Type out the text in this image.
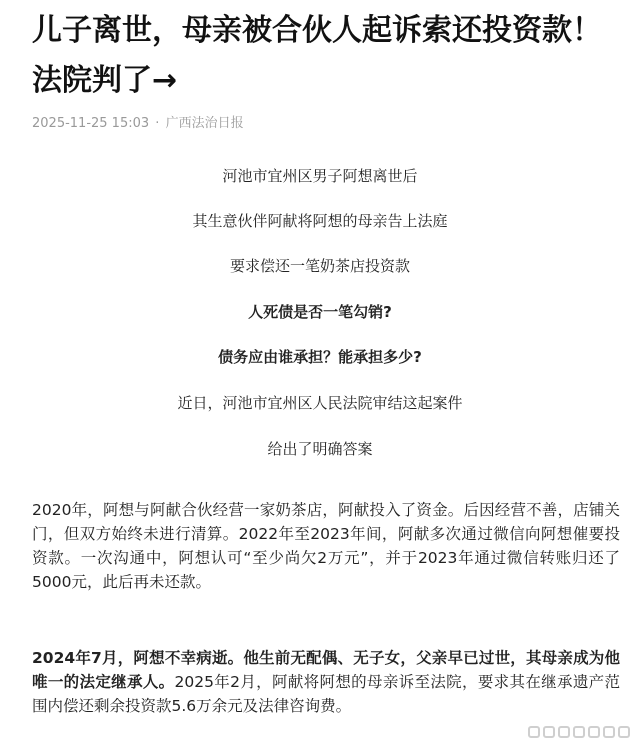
儿子离世，母亲被合伙人起诉索还投资款！法院判了→
2025-11-25 15:03 · 广西法治日报
河池市宜州区男子阿想离世后
其生意伙伴阿献将阿想的母亲告上法庭
要求偿还一笔奶茶店投资款
人死债是否一笔勾销?
债务应由谁承担？能承担多少?
近日，河池市宜州区人民法院审结这起案件
给出了明确答案

2020年，阿想与阿献合伙经营一家奶茶店，阿献投入了资金。后因经营不善，店铺关门，但双方始终未进行清算。2022年至2023年间，阿献多次通过微信向阿想催要投资款。一次沟通中，阿想认可“至少尚欠2万元”，并于2023年通过微信转账归还了5000元，此后再未还款。

2024年7月，阿想不幸病逝。他生前无配偶、无子女，父亲早已过世，其母亲成为他唯一的法定继承人。2025年2月，阿献将阿想的母亲诉至法院，要求其在继承遗产范围内偿还剩余投资款5.6万余元及法律咨询费。
